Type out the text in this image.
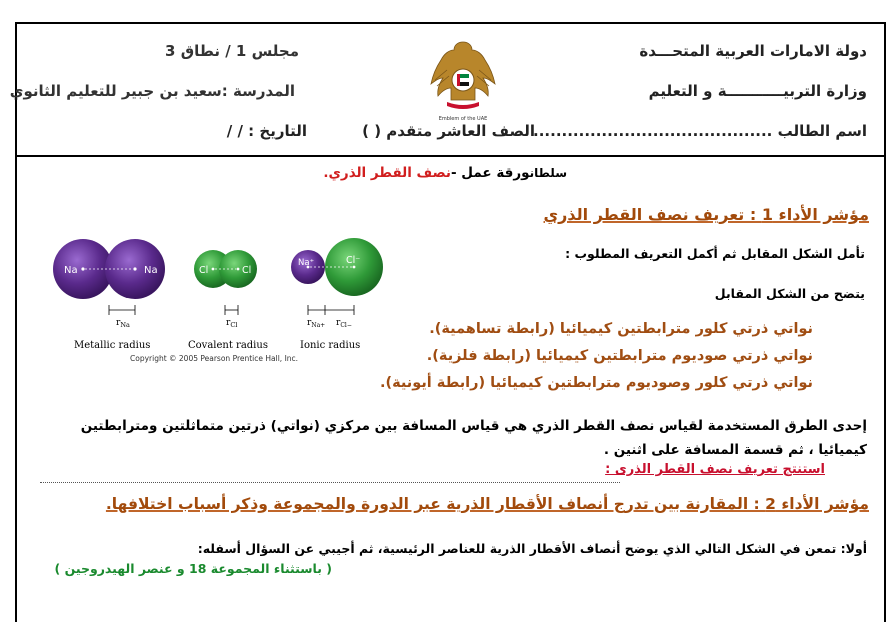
دولة الامارات العربية المتحـــدة
وزارة التربيـــــــــــة و التعليم
اسم الطالب ..........................................
مجلس 1 / نطاق 3
المدرسة :سعيد بن جبير للتعليم الثانوي
الصف العاشر متقدم ( )
التاريخ : / /
Emblem of the UAE
سلطانورقة عمل -نصف القطر الذري.
مؤشر الأداء 1 : تعريف نصف القطر الذري
تأمل الشكل المقابل ثم أكمل التعريف المطلوب :
يتضح من الشكل المقابل
نواتي ذرتي كلور مترابطتين كيميائيا (رابطة تساهمية).
نواتي ذرتي صوديوم مترابطتين كيميائيا (رابطة فلزية).
نواتي ذرتي كلور وصوديوم مترابطتين كيميائيا (رابطة أيونية).
إحدى الطرق المستخدمة لقياس نصف القطر الذري هي قياس المسافة بين مركزي (نواتي) ذرتين متماثلتين ومترابطتين كيميائيا ، ثم قسمة المسافة على اثنين .
استنتج تعريف نصف القطر الذرى :
Na	Na
$r_{Na}$
Metallic radius
Cl	Cl
$r_{Cl}$
Covalent radius
Na⁺	Cl⁻
$r_{Na+}$ $r_{Cl-}$
Ionic radius
Copyright © 2005 Pearson Prentice Hall, Inc.
مؤشر الأداء 2 : المقارنة بين تدرج أنصاف الأقطار الذرية عبر الدورة والمجموعة وذكر أسباب اختلافها.
أولا: تمعن في الشكل التالي الذي يوضح أنصاف الأقطار الذرية للعناصر الرئيسية، ثم أجيبي عن السؤال أسفله:
( باستثناء المجموعة 18 و عنصر الهيدروجين )
